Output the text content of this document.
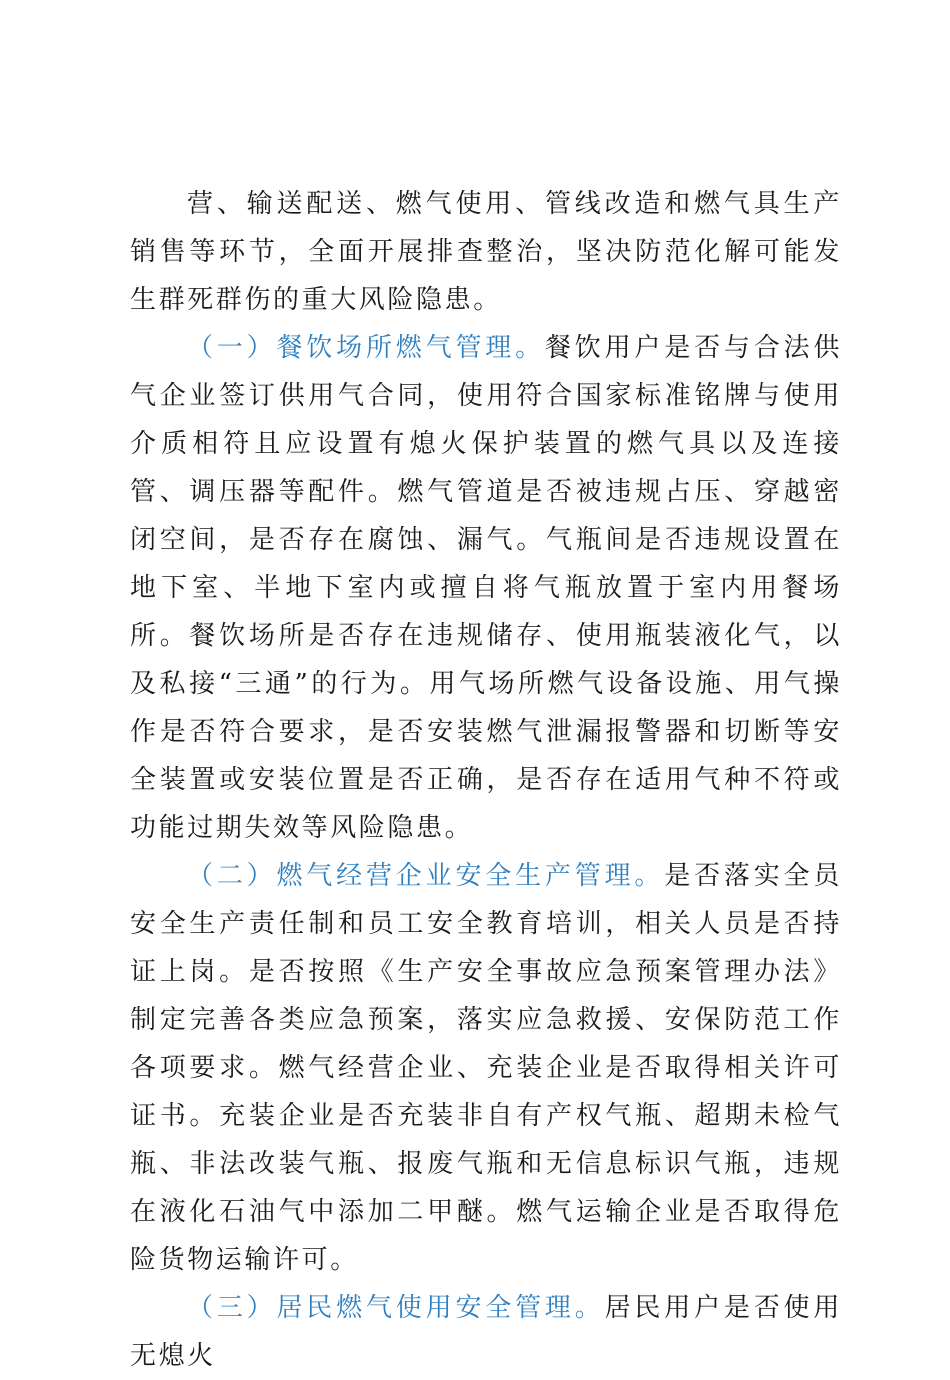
营、输送配送、燃气使用、管线改造和燃气具生产销售等环节，全面开展排查整治，坚决防范化解可能发生群死群伤的重大风险隐患。

（一）餐饮场所燃气管理。餐饮用户是否与合法供气企业签订供用气合同，使用符合国家标准铭牌与使用介质相符且应设置有熄火保护装置的燃气具以及连接管、调压器等配件。燃气管道是否被违规占压、穿越密闭空间，是否存在腐蚀、漏气。气瓶间是否违规设置在地下室、半地下室内或擅自将气瓶放置于室内用餐场所。餐饮场所是否存在违规储存、使用瓶装液化气，以及私接“三通”的行为。用气场所燃气设备设施、用气操作是否符合要求，是否安装燃气泄漏报警器和切断等安全装置或安装位置是否正确，是否存在适用气种不符或功能过期失效等风险隐患。

（二）燃气经营企业安全生产管理。是否落实全员安全生产责任制和员工安全教育培训，相关人员是否持证上岗。是否按照《生产安全事故应急预案管理办法》制定完善各类应急预案，落实应急救援、安保防范工作各项要求。燃气经营企业、充装企业是否取得相关许可证书。充装企业是否充装非自有产权气瓶、超期未检气瓶、非法改装气瓶、报废气瓶和无信息标识气瓶，违规在液化石油气中添加二甲醚。燃气运输企业是否取得危险货物运输许可。

（三）居民燃气使用安全管理。居民用户是否使用无熄火
